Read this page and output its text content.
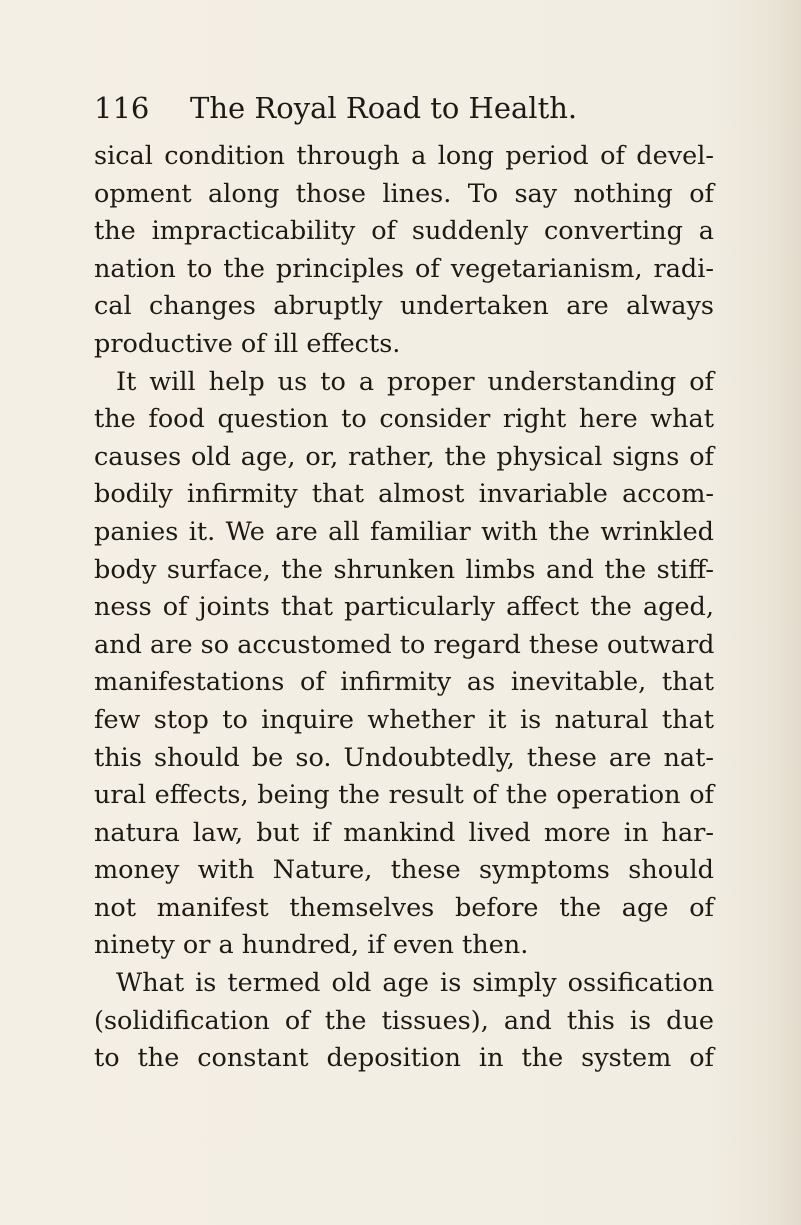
116 The Royal Road to Health.
sical condition through a long period of devel-
opment along those lines. To say nothing of
the impracticability of suddenly converting a
nation to the principles of vegetarianism, radi-
cal changes abruptly undertaken are always
productive of ill effects.
It will help us to a proper understanding of
the food question to consider right here what
causes old age, or, rather, the physical signs of
bodily infirmity that almost invariable accom-
panies it. We are all familiar with the wrinkled
body surface, the shrunken limbs and the stiff-
ness of joints that particularly affect the aged,
and are so accustomed to regard these outward
manifestations of infirmity as inevitable, that
few stop to inquire whether it is natural that
this should be so. Undoubtedly, these are nat-
ural effects, being the result of the operation of
natura law, but if mankind lived more in har-
money with Nature, these symptoms should
not manifest themselves before the age of
ninety or a hundred, if even then.
What is termed old age is simply ossification
(solidification of the tissues), and this is due
to the constant deposition in the system of
